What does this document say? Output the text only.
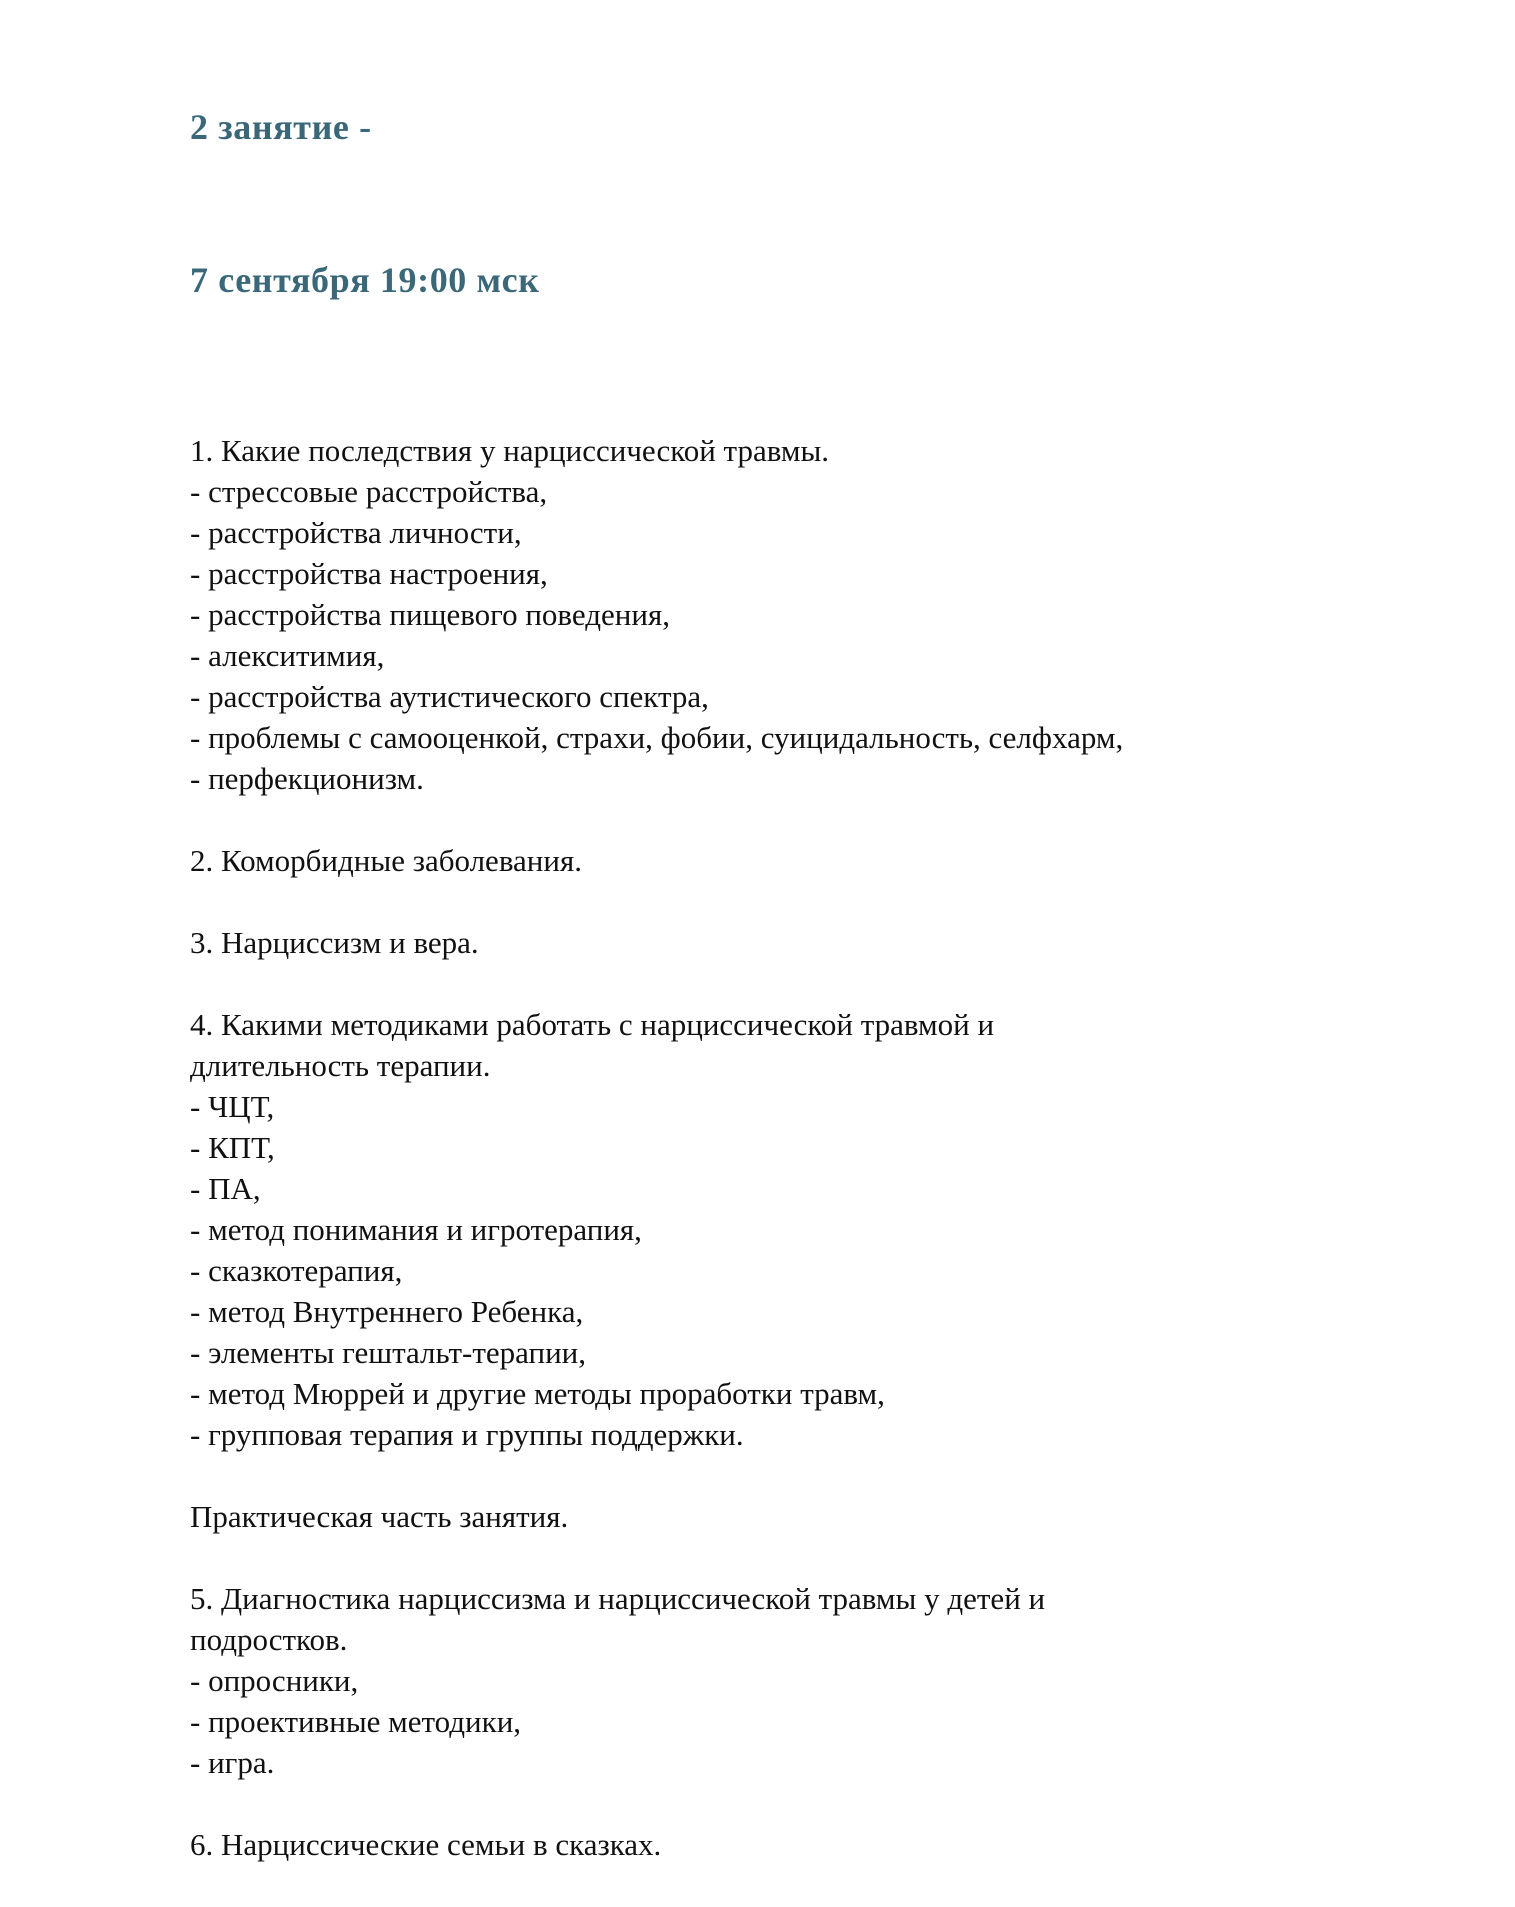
2 занятие -

7 сентября 19:00 мск

1. Какие последствия у нарциссической травмы.

- стрессовые расстройства,

- расстройства личности,

- расстройства настроения,

- расстройства пищевого поведения,

- алекситимия,

- расстройства аутистического спектра,

- проблемы с самооценкой, страхи, фобии, суицидальность, селфхарм,

- перфекционизм.

2. Коморбидные заболевания.

3. Нарциссизм и вера.

4. Какими методиками работать с нарциссической травмой и длительность терапии.

- ЧЦТ,

- КПТ,

- ПА,

- метод понимания и игротерапия,

- сказкотерапия,

- метод Внутреннего Ребенка,

- элементы гештальт-терапии,

- метод Мюррей и другие методы проработки травм,

- групповая терапия и группы поддержки.

Практическая часть занятия.

5. Диагностика нарциссизма и нарциссической травмы у детей и подростков.

- опросники,

- проективные методики,

- игра.

6. Нарциссические семьи в сказках.
